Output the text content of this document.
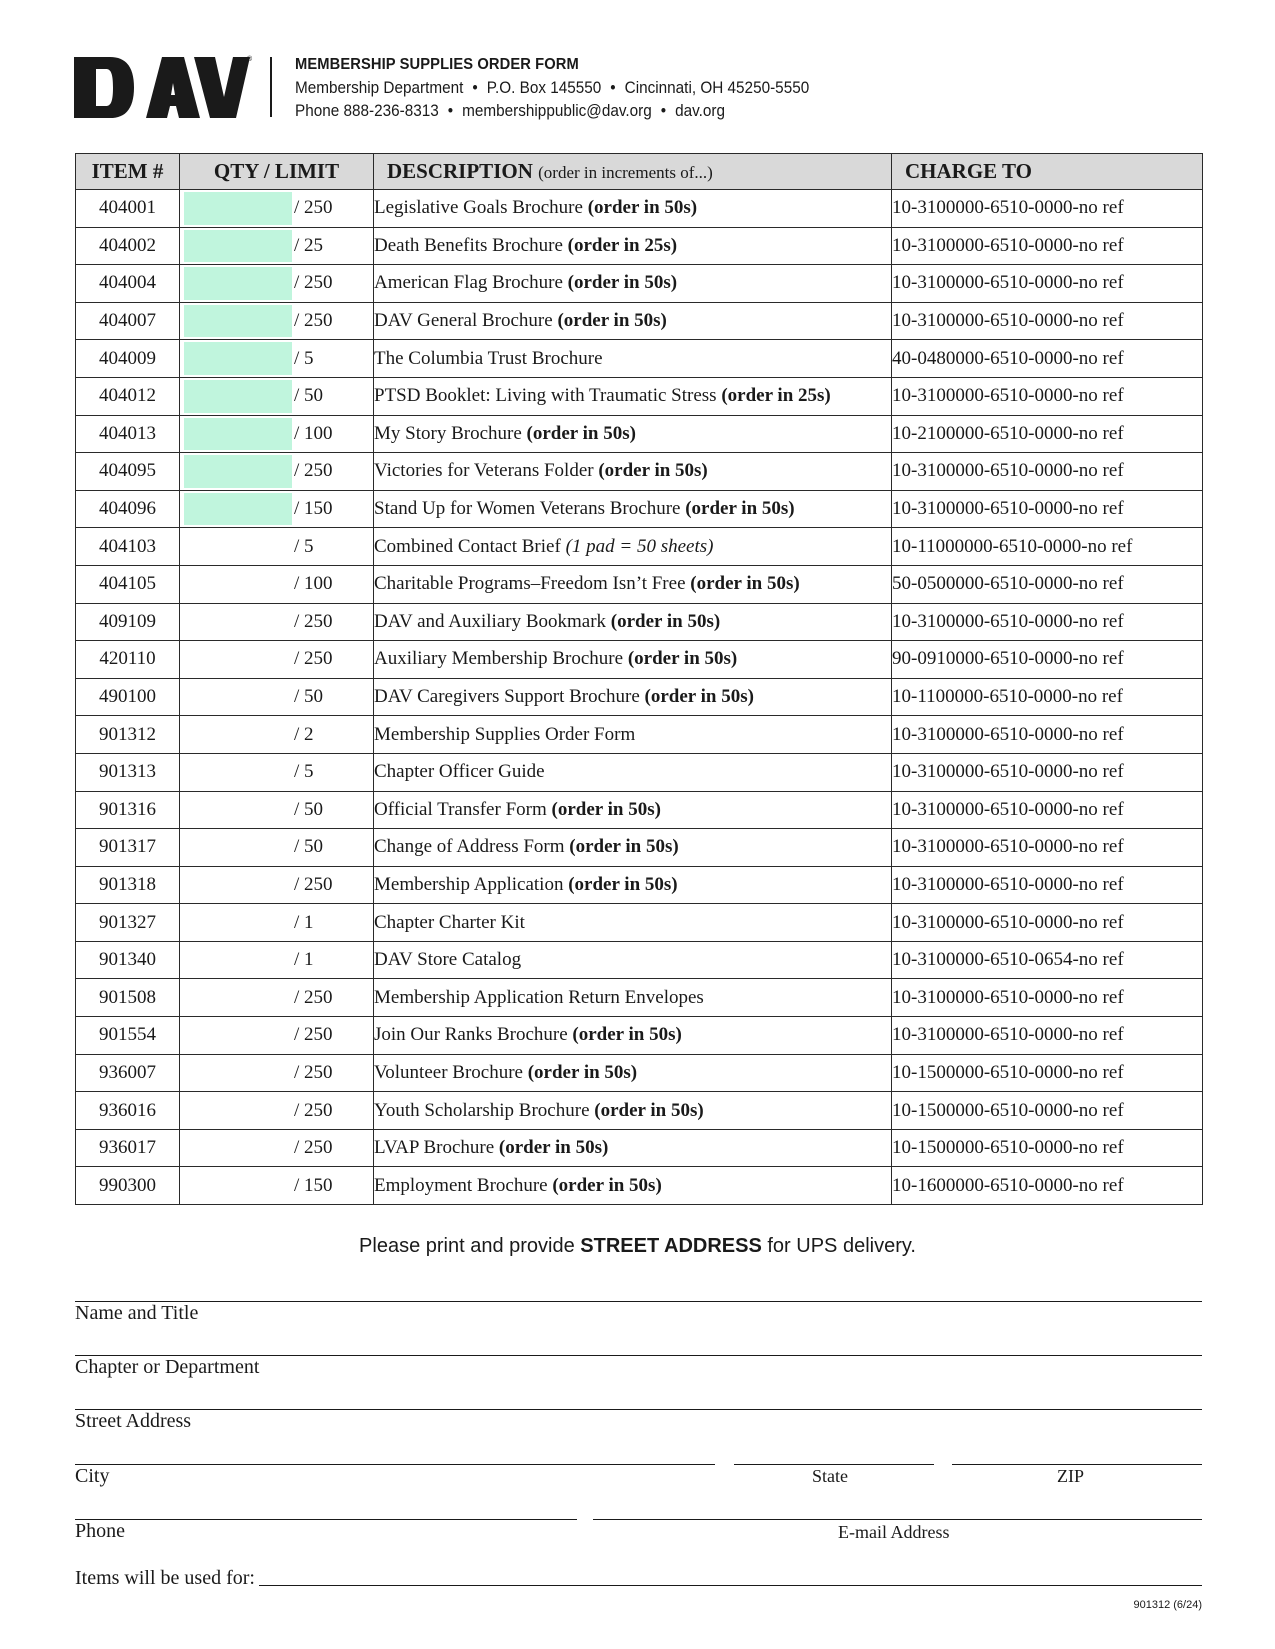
®	MEMBERSHIP SUPPLIES ORDER FORM
Membership Department • P.O. Box 145550 • Cincinnati, OH 45250-5550
Phone 888-236-8313 • membershippublic@dav.org • dav.org
ITEM #	QTY / LIMIT	DESCRIPTION (order in increments of...)	CHARGE TO
404001	/ 250	Legislative Goals Brochure (order in 50s)	10-3100000-6510-0000-no ref
404002	/ 25	Death Benefits Brochure (order in 25s)	10-3100000-6510-0000-no ref
404004	/ 250	American Flag Brochure (order in 50s)	10-3100000-6510-0000-no ref
404007	/ 250	DAV General Brochure (order in 50s)	10-3100000-6510-0000-no ref
404009	/ 5	The Columbia Trust Brochure	40-0480000-6510-0000-no ref
404012	/ 50	PTSD Booklet: Living with Traumatic Stress (order in 25s)	10-3100000-6510-0000-no ref
404013	/ 100	My Story Brochure (order in 50s)	10-2100000-6510-0000-no ref
404095	/ 250	Victories for Veterans Folder (order in 50s)	10-3100000-6510-0000-no ref
404096	/ 150	Stand Up for Women Veterans Brochure (order in 50s)	10-3100000-6510-0000-no ref
404103	/ 5	Combined Contact Brief (1 pad = 50 sheets)	10-11000000-6510-0000-no ref
404105	/ 100	Charitable Programs–Freedom Isn’t Free (order in 50s)	50-0500000-6510-0000-no ref
409109	/ 250	DAV and Auxiliary Bookmark (order in 50s)	10-3100000-6510-0000-no ref
420110	/ 250	Auxiliary Membership Brochure (order in 50s)	90-0910000-6510-0000-no ref
490100	/ 50	DAV Caregivers Support Brochure (order in 50s)	10-1100000-6510-0000-no ref
901312	/ 2	Membership Supplies Order Form	10-3100000-6510-0000-no ref
901313	/ 5	Chapter Officer Guide	10-3100000-6510-0000-no ref
901316	/ 50	Official Transfer Form (order in 50s)	10-3100000-6510-0000-no ref
901317	/ 50	Change of Address Form (order in 50s)	10-3100000-6510-0000-no ref
901318	/ 250	Membership Application (order in 50s)	10-3100000-6510-0000-no ref
901327	/ 1	Chapter Charter Kit	10-3100000-6510-0000-no ref
901340	/ 1	DAV Store Catalog	10-3100000-6510-0654-no ref
901508	/ 250	Membership Application Return Envelopes	10-3100000-6510-0000-no ref
901554	/ 250	Join Our Ranks Brochure (order in 50s)	10-3100000-6510-0000-no ref
936007	/ 250	Volunteer Brochure (order in 50s)	10-1500000-6510-0000-no ref
936016	/ 250	Youth Scholarship Brochure (order in 50s)	10-1500000-6510-0000-no ref
936017	/ 250	LVAP Brochure (order in 50s)	10-1500000-6510-0000-no ref
990300	/ 150	Employment Brochure (order in 50s)	10-1600000-6510-0000-no ref
Please print and provide STREET ADDRESS for UPS delivery.
Name and Title
Chapter or Department
Street Address
City	State	ZIP
Phone	E-mail Address
Items will be used for:
901312 (6/24)
